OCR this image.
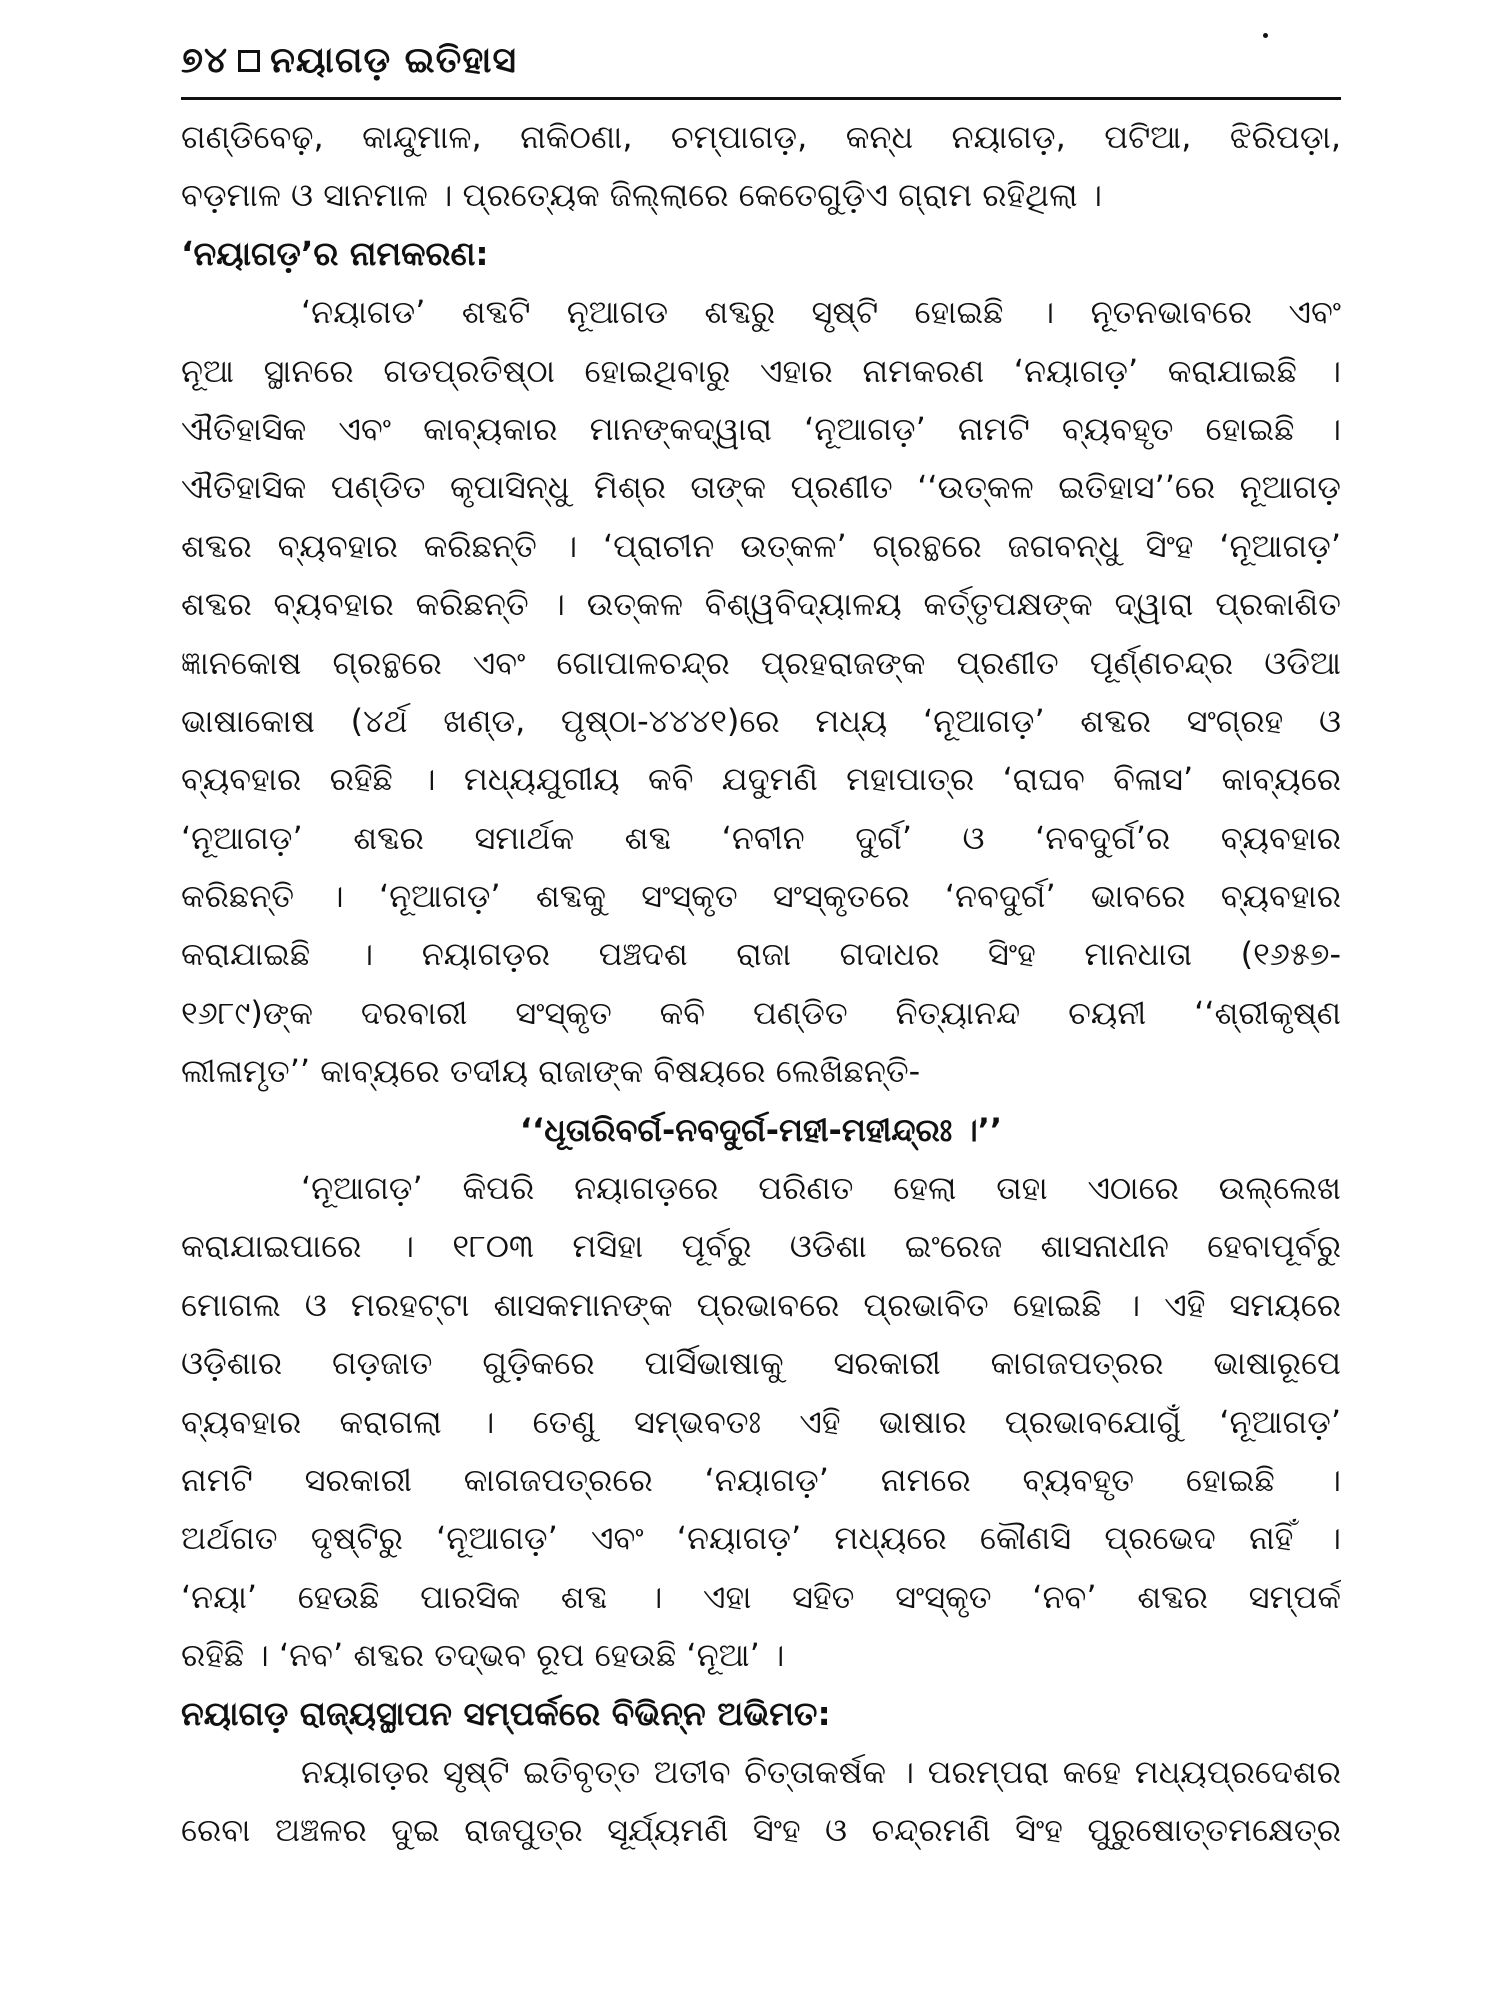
୭୪ ନୟାଗଡ଼ ଇତିହାସ
ଗଣ୍ଡିବେଢ଼, କାନ୍ଦୁମାଳ, ନାକିଠଣା, ଚମ୍ପାଗଡ଼, କନ୍ଧ ନୟାଗଡ଼, ପଟିଆ, ଝିରିପଡ଼ା,
ବଡ଼ମାଳ ଓ ସାନମାଳ । ପ୍ରତ୍ୟେକ ଜିଲ୍ଲାରେ କେତେଗୁଡ଼ିଏ ଗ୍ରାମ ରହିଥିଲା ।
‘ନୟାଗଡ଼’ର ନାମକରଣ:
‘ନୟାଗଡ’ ଶବ୍ଦଟି ନୂଆଗଡ ଶବ୍ଦରୁ ସୃଷ୍ଟି ହୋଇଛି । ନୂତନଭାବରେ ଏବଂ
ନୂଆ ସ୍ଥାନରେ ଗଡପ୍ରତିଷ୍ଠା ହୋଇଥିବାରୁ ଏହାର ନାମକରଣ ‘ନୟାଗଡ଼’ କରାଯାଇଛି ।
ଐତିହାସିକ ଏବଂ କାବ୍ୟକାର ମାନଙ୍କଦ୍ୱାରା ‘ନୂଆଗଡ଼’ ନାମଟି ବ୍ୟବହୃତ ହୋଇଛି ।
ଐତିହାସିକ ପଣ୍ଡିତ କୃପାସିନ୍ଧୁ ମିଶ୍ର ତାଙ୍କ ପ୍ରଣୀତ ‘‘ଉତ୍କଳ ଇତିହାସ’’ରେ ନୂଆଗଡ଼
ଶବ୍ଦର ବ୍ୟବହାର କରିଛନ୍ତି । ‘ପ୍ରାଚୀନ ଉତ୍କଳ’ ଗ୍ରନ୍ଥରେ ଜଗବନ୍ଧୁ ସିଂହ ‘ନୂଆଗଡ଼’
ଶବ୍ଦର ବ୍ୟବହାର କରିଛନ୍ତି । ଉତ୍କଳ ବିଶ୍ୱବିଦ୍ୟାଳୟ କର୍ତ୍ତୃପକ୍ଷଙ୍କ ଦ୍ୱାରା ପ୍ରକାଶିତ
ଜ୍ଞାନକୋଷ ଗ୍ରନ୍ଥରେ ଏବଂ ଗୋପାଳଚନ୍ଦ୍ର ପ୍ରହରାଜଙ୍କ ପ୍ରଣୀତ ପୂର୍ଣ୍ଣଚନ୍ଦ୍ର ଓଡିଆ
ଭାଷାକୋଷ (୪ର୍ଥ ଖଣ୍ଡ, ପୃଷ୍ଠା-୪୪୪୧)ରେ ମଧ୍ୟ ‘ନୂଆଗଡ଼’ ଶବ୍ଦର ସଂଗ୍ରହ ଓ
ବ୍ୟବହାର ରହିଛି । ମଧ୍ୟଯୁଗୀୟ କବି ଯଦୁମଣି ମହାପାତ୍ର ‘ରାଘବ ବିଳାସ’ କାବ୍ୟରେ
‘ନୂଆଗଡ଼’ ଶବ୍ଦର ସମାର୍ଥକ ଶବ୍ଦ ‘ନବୀନ ଦୁର୍ଗ’ ଓ ‘ନବଦୁର୍ଗ’ର ବ୍ୟବହାର
କରିଛନ୍ତି । ‘ନୂଆଗଡ଼’ ଶବ୍ଦକୁ ସଂସ୍କୃତ ସଂସ୍କୃତରେ ‘ନବଦୁର୍ଗ’ ଭାବରେ ବ୍ୟବହାର
କରାଯାଇଛି । ନୟାଗଡ଼ର ପଞ୍ଚଦଶ ରାଜା ଗଦାଧର ସିଂହ ମାନଧାତା (୧୬୫୭-
୧୬୮୯)ଙ୍କ ଦରବାରୀ ସଂସ୍କୃତ କବି ପଣ୍ଡିତ ନିତ୍ୟାନନ୍ଦ ଚୟନୀ ‘‘ଶ୍ରୀକୃଷ୍ଣ
ଲୀଳାମୃତ’’ କାବ୍ୟରେ ତଦୀୟ ରାଜାଙ୍କ ବିଷୟରେ ଲେଖିଛନ୍ତି-
‘‘ଧୂତାରିବର୍ଗ-ନବଦୁର୍ଗ-ମହୀ-ମହୀନ୍ଦ୍ରଃ ।’’
‘ନୂଆଗଡ଼’ କିପରି ନୟାଗଡ଼ରେ ପରିଣତ ହେଲା ତାହା ଏଠାରେ ଉଲ୍ଲେଖ
କରାଯାଇପାରେ । ୧୮୦୩ ମସିହା ପୂର୍ବରୁ ଓଡିଶା ଇଂରେଜ ଶାସନାଧୀନ ହେବାପୂର୍ବରୁ
ମୋଗଲ ଓ ମରହଟ୍ଟା ଶାସକମାନଙ୍କ ପ୍ରଭାବରେ ପ୍ରଭାବିତ ହୋଇଛି । ଏହି ସମୟରେ
ଓଡ଼ିଶାର ଗଡ଼ଜାତ ଗୁଡ଼ିକରେ ପାର୍ସିଭାଷାକୁ ସରକାରୀ କାଗଜପତ୍ରର ଭାଷାରୂପେ
ବ୍ୟବହାର କରାଗଲା । ତେଣୁ ସମ୍ଭବତଃ ଏହି ଭାଷାର ପ୍ରଭାବଯୋଗୁଁ ‘ନୂଆଗଡ଼’
ନାମଟି ସରକାରୀ କାଗଜପତ୍ରରେ ‘ନୟାଗଡ଼’ ନାମରେ ବ୍ୟବହୃତ ହୋଇଛି ।
ଅର୍ଥଗତ ଦୃଷ୍ଟିରୁ ‘ନୂଆଗଡ଼’ ଏବଂ ‘ନୟାଗଡ଼’ ମଧ୍ୟରେ କୌଣସି ପ୍ରଭେଦ ନାହିଁ ।
‘ନୟା’ ହେଉଛି ପାରସିକ ଶବ୍ଦ । ଏହା ସହିତ ସଂସ୍କୃତ ‘ନବ’ ଶବ୍ଦର ସମ୍ପର୍କ
ରହିଛି । ‘ନବ’ ଶବ୍ଦର ତଦ୍ଭବ ରୂପ ହେଉଛି ‘ନୂଆ’ ।
ନୟାଗଡ଼ ରାଜ୍ୟସ୍ଥାପନ ସମ୍ପର୍କରେ ବିଭିନ୍ନ ଅଭିମତ:
ନୟାଗଡ଼ର ସୃଷ୍ଟି ଇତିବୃତ୍ତ ଅତୀବ ଚିତ୍ତାକର୍ଷକ । ପରମ୍ପରା କହେ ମଧ୍ୟପ୍ରଦେଶର
ରେବା ଅଞ୍ଚଳର ଦୁଇ ରାଜପୁତ୍ର ସୂର୍ଯ୍ୟମଣି ସିଂହ ଓ ଚନ୍ଦ୍ରମଣି ସିଂହ ପୁରୁଷୋତ୍ତମକ୍ଷେତ୍ର
